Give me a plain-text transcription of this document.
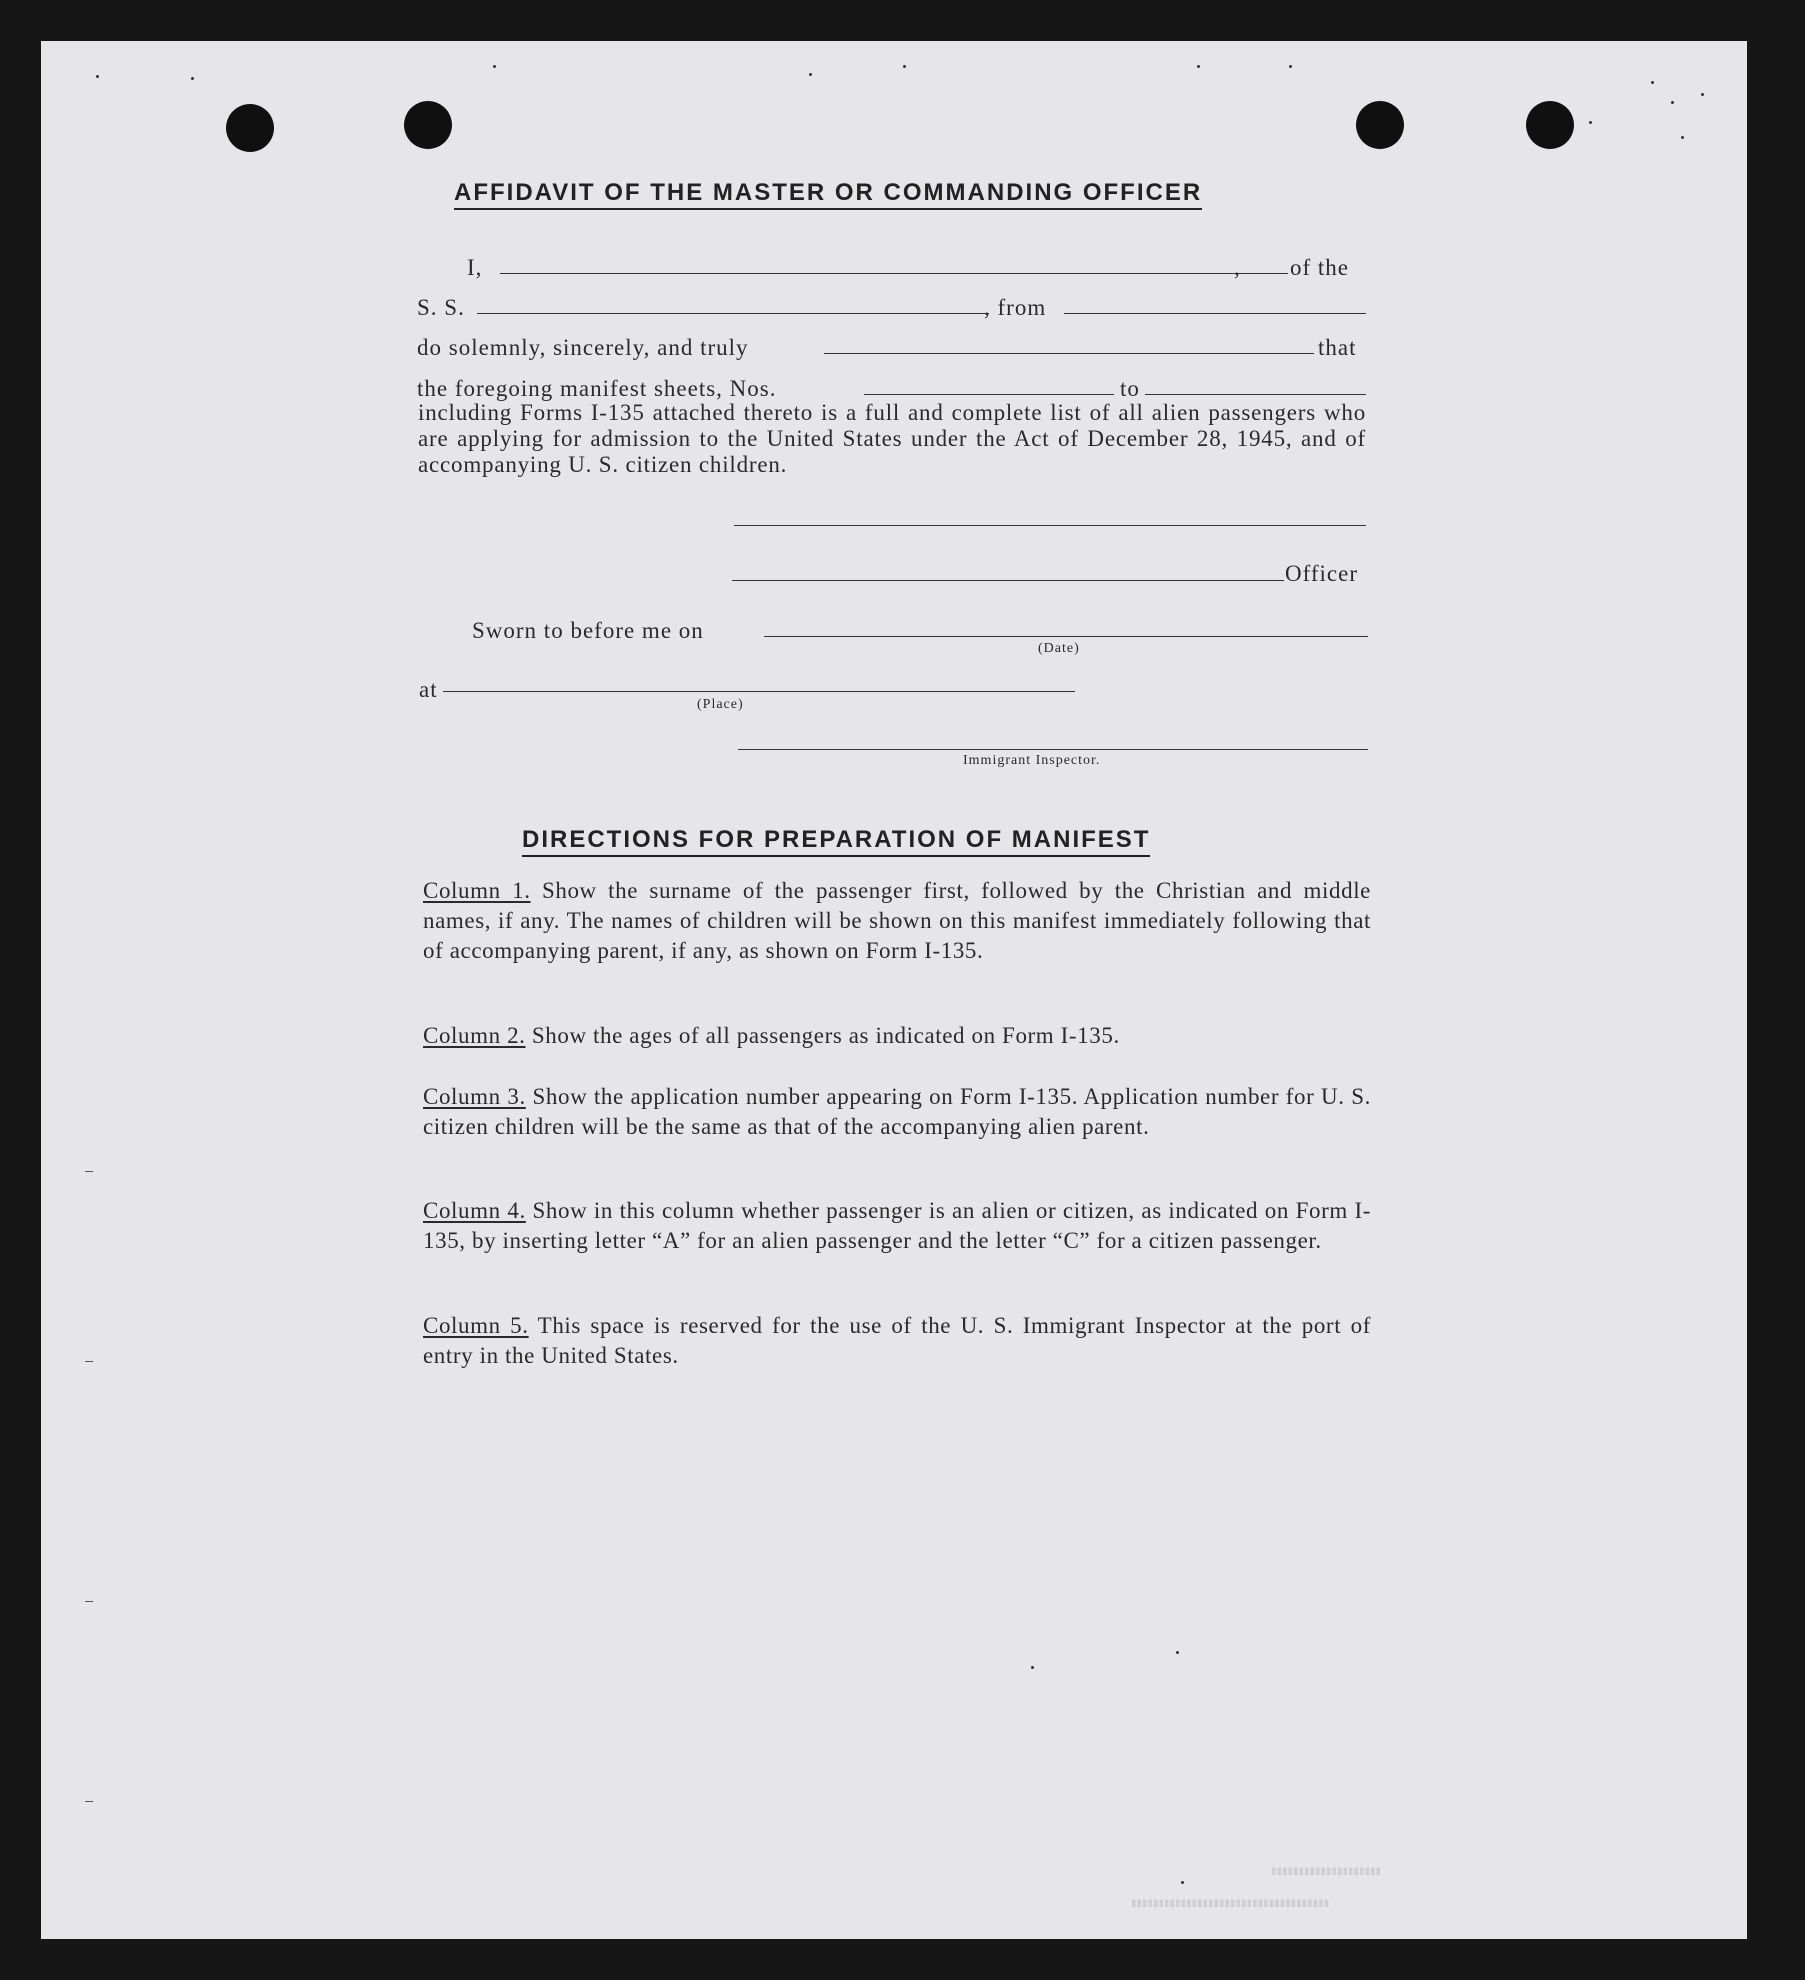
▮▮▮▮▮▮▮▮▮▮▮▮▮▮▮▮▮▮▮▮
▮▮▮▮▮▮▮▮▮▮▮▮▮▮▮▮▮▮▮▮▮▮▮▮▮▮▮▮▮▮▮▮▮▮▮▮
AFFIDAVIT OF THE MASTER OR COMMANDING OFFICER
I,	, of the
S. S.	, from
do solemnly, sincerely, and truly	that
the foregoing manifest sheets, Nos.	to
including Forms I-135 attached thereto is a full and complete list of all alien passengers who are applying for admission to the United States under the Act of December 28, 1945, and of accompanying U. S. citizen children.
Officer
Sworn to before me on
(Date)
at
(Place)
Immigrant Inspector.
DIRECTIONS FOR PREPARATION OF MANIFEST
Column 1. Show the surname of the passenger first, followed by the Christian and middle names, if any. The names of children will be shown on this manifest immediately following that of accompanying parent, if any, as shown on Form I-135.
Column 2. Show the ages of all passengers as indicated on Form I-135.
Column 3. Show the application number appearing on Form I-135. Application number for U. S. citizen children will be the same as that of the accompanying alien parent.
Column 4. Show in this column whether passenger is an alien or citizen, as indicated on Form I-135, by inserting letter “A” for an alien passenger and the letter “C” for a citizen passenger.
Column 5. This space is reserved for the use of the U. S. Immigrant Inspector at the port of entry in the United States.
